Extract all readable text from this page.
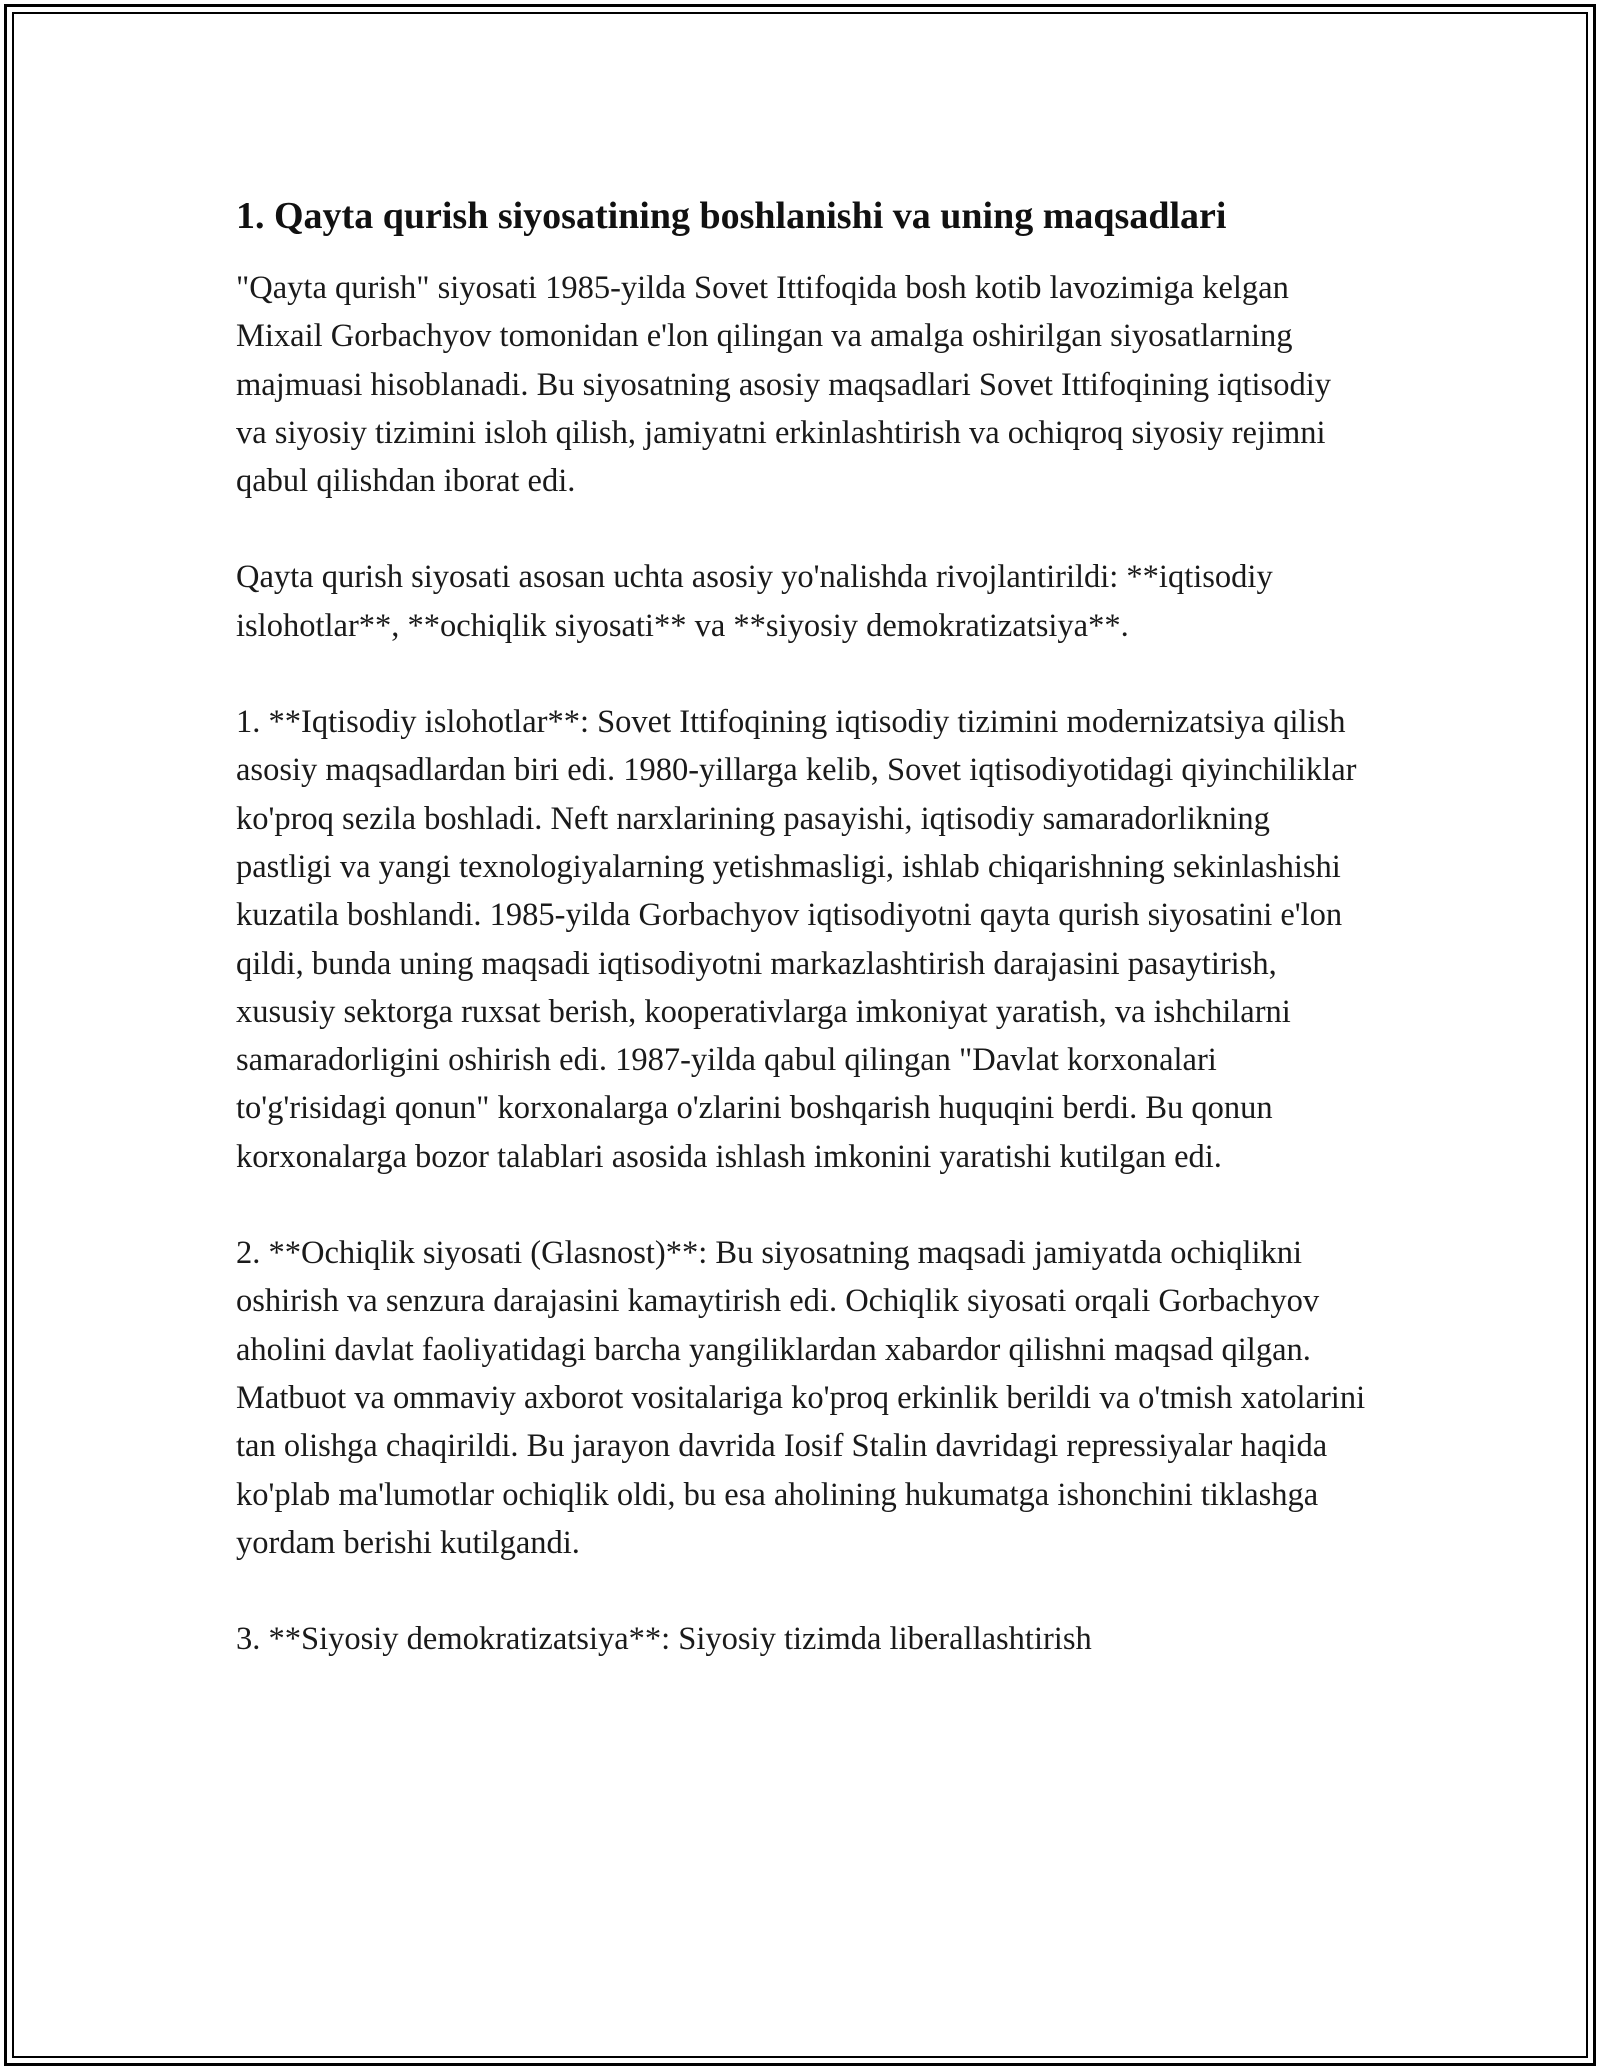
1. Qayta qurish siyosatining boshlanishi va uning maqsadlari

"Qayta qurish" siyosati 1985-yilda Sovet Ittifoqida bosh kotib lavozimiga kelgan Mixail Gorbachyov tomonidan e'lon qilingan va amalga oshirilgan siyosatlarning majmuasi hisoblanadi. Bu siyosatning asosiy maqsadlari Sovet Ittifoqining iqtisodiy va siyosiy tizimini isloh qilish, jamiyatni erkinlashtirish va ochiqroq siyosiy rejimni qabul qilishdan iborat edi.

Qayta qurish siyosati asosan uchta asosiy yo'nalishda rivojlantirildi: **iqtisodiy islohotlar**, **ochiqlik siyosati** va **siyosiy demokratizatsiya**.

1. **Iqtisodiy islohotlar**: Sovet Ittifoqining iqtisodiy tizimini modernizatsiya qilish asosiy maqsadlardan biri edi. 1980-yillarga kelib, Sovet iqtisodiyotidagi qiyinchiliklar ko'proq sezila boshladi. Neft narxlarining pasayishi, iqtisodiy samaradorlikning pastligi va yangi texnologiyalarning yetishmasligi, ishlab chiqarishning sekinlashishi kuzatila boshlandi. 1985-yilda Gorbachyov iqtisodiyotni qayta qurish siyosatini e'lon qildi, bunda uning maqsadi iqtisodiyotni markazlashtirish darajasini pasaytirish, xususiy sektorga ruxsat berish, kooperativlarga imkoniyat yaratish, va ishchilarni samaradorligini oshirish edi. 1987-yilda qabul qilingan "Davlat korxonalari to'g'risidagi qonun" korxonalarga o'zlarini boshqarish huquqini berdi. Bu qonun korxonalarga bozor talablari asosida ishlash imkonini yaratishi kutilgan edi.

2. **Ochiqlik siyosati (Glasnost)**: Bu siyosatning maqsadi jamiyatda ochiqlikni oshirish va senzura darajasini kamaytirish edi. Ochiqlik siyosati orqali Gorbachyov aholini davlat faoliyatidagi barcha yangiliklardan xabardor qilishni maqsad qilgan. Matbuot va ommaviy axborot vositalariga ko'proq erkinlik berildi va o'tmish xatolarini tan olishga chaqirildi. Bu jarayon davrida Iosif Stalin davridagi repressiyalar haqida ko'plab ma'lumotlar ochiqlik oldi, bu esa aholining hukumatga ishonchini tiklashga yordam berishi kutilgandi.

3. **Siyosiy demokratizatsiya**: Siyosiy tizimda liberallashtirish
